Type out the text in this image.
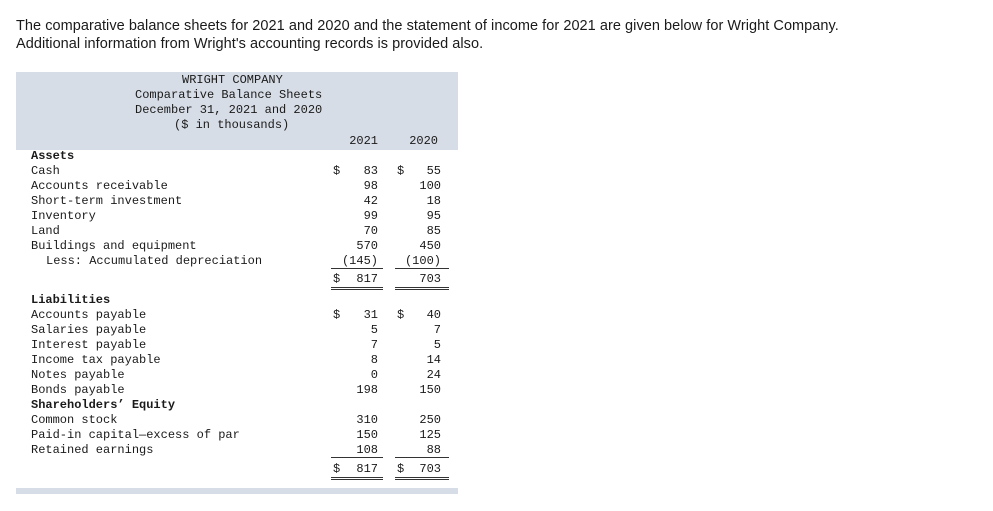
The comparative balance sheets for 2021 and 2020 and the statement of income for 2021 are given below for Wright Company.
Additional information from Wright's accounting records is provided also.
WRIGHT COMPANY
Comparative Balance Sheets
December 31, 2021 and 2020
($ in thousands)
2021	2020
Assets
Cash	$	83 $	55
Accounts receivable	98	100
Short-term investment	42	18
Inventory	99	95
Land	70	85
Buildings and equipment	570	450
Less: Accumulated depreciation	(145)	(100)
$	817	703
Liabilities
Accounts payable	$	31 $	40
Salaries payable	5	7
Interest payable	7	5
Income tax payable	8	14
Notes payable	0	24
Bonds payable	198	150
Shareholders’ Equity
Common stock	310	250
Paid-in capital—excess of par	150	125
Retained earnings	108	88
$	817 $	703
